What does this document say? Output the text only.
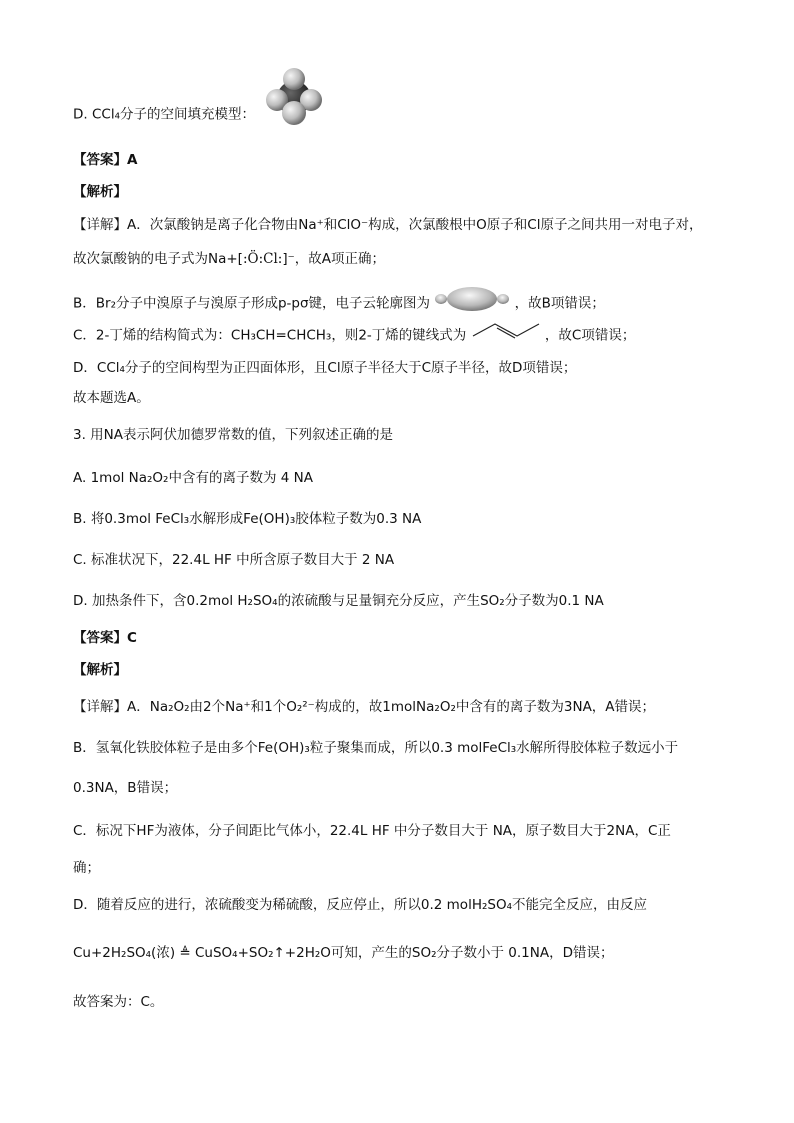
D. CCl₄分子的空间填充模型：
【答案】A
【解析】
【详解】A．次氯酸钠是离子化合物由Na⁺和ClO⁻构成，次氯酸根中O原子和Cl原子之间共用一对电子对，
故次氯酸钠的电子式为Na+[:Ö:Cl:]⁻，故A项正确；
B．Br₂分子中溴原子与溴原子形成p-pσ键，电子云轮廓图为	，故B项错误；
C．2-丁烯的结构简式为：CH₃CH=CHCH₃，则2-丁烯的键线式为	，故C项错误；
D．CCl₄分子的空间构型为正四面体形，且Cl原子半径大于C原子半径，故D项错误；
故本题选A。
3. 用NA表示阿伏加德罗常数的值，下列叙述正确的是
A. 1mol Na₂O₂中含有的离子数为 4 NA
B. 将0.3mol FeCl₃水解形成Fe(OH)₃胶体粒子数为0.3 NA
C. 标准状况下，22.4L HF 中所含原子数目大于 2 NA
D. 加热条件下，含0.2mol H₂SO₄的浓硫酸与足量铜充分反应，产生SO₂分子数为0.1 NA
【答案】C
【解析】
【详解】A．Na₂O₂由2个Na⁺和1个O₂²⁻构成的，故1molNa₂O₂中含有的离子数为3NA，A错误；
B．氢氧化铁胶体粒子是由多个Fe(OH)₃粒子聚集而成，所以0.3 molFeCl₃水解所得胶体粒子数远小于
0.3NA，B错误；
C．标况下HF为液体，分子间距比气体小，22.4L HF 中分子数目大于 NA，原子数目大于2NA，C正
确；
D．随着反应的进行，浓硫酸变为稀硫酸，反应停止，所以0.2 molH₂SO₄不能完全反应，由反应
Cu+2H₂SO₄(浓) ≜ CuSO₄+SO₂↑+2H₂O可知，产生的SO₂分子数小于 0.1NA，D错误；
故答案为：C。
